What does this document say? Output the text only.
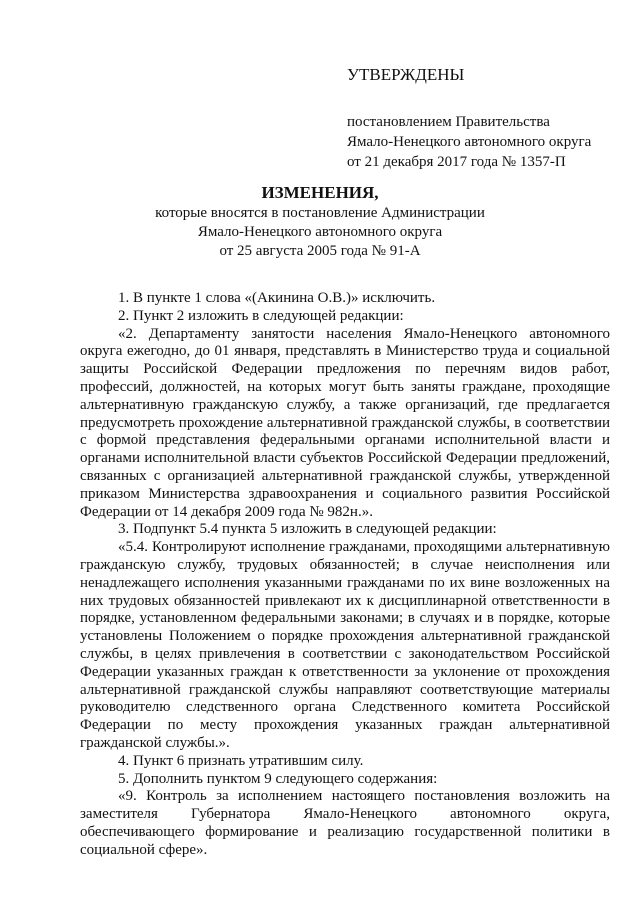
УТВЕРЖДЕНЫ
постановлением Правительства
Ямало-Ненецкого автономного округа
от 21 декабря 2017 года № 1357-П
ИЗМЕНЕНИЯ,
которые вносятся в постановление Администрации
Ямало-Ненецкого автономного округа
от 25 августа 2005 года № 91-А

1. В пункте 1 слова «(Акинина О.В.)» исключить.

2. Пункт 2 изложить в следующей редакции:

«2. Департаменту занятости населения Ямало-Ненецкого автономного округа ежегодно, до 01 января, представлять в Министерство труда и социальной защиты Российской Федерации предложения по перечням видов работ, профессий, должностей, на которых могут быть заняты граждане, проходящие альтернативную гражданскую службу, а также организаций, где предлагается предусмотреть прохождение альтернативной гражданской службы, в соответствии с формой представления федеральными органами исполнительной власти и органами исполнительной власти субъектов Российской Федерации предложений, связанных с организацией альтернативной гражданской службы, утвержденной приказом Министерства здравоохранения и социального развития Российской Федерации от 14 декабря 2009 года № 982н.».

3. Подпункт 5.4 пункта 5 изложить в следующей редакции:

«5.4. Контролируют исполнение гражданами, проходящими альтернативную гражданскую службу, трудовых обязанностей; в случае неисполнения или ненадлежащего исполнения указанными гражданами по их вине возложенных на них трудовых обязанностей привлекают их к дисциплинарной ответственности в порядке, установленном федеральными законами; в случаях и в порядке, которые установлены Положением о порядке прохождения альтернативной гражданской службы, в целях привлечения в соответствии с законодательством Российской Федерации указанных граждан к ответственности за уклонение от прохождения альтернативной гражданской службы направляют соответствующие материалы руководителю следственного органа Следственного комитета Российской Федерации по месту прохождения указанных граждан альтернативной гражданской службы.».

4. Пункт 6 признать утратившим силу.

5. Дополнить пунктом 9 следующего содержания:

«9. Контроль за исполнением настоящего постановления возложить на заместителя Губернатора Ямало-Ненецкого автономного округа, обеспечивающего формирование и реализацию государственной политики в социальной сфере».
